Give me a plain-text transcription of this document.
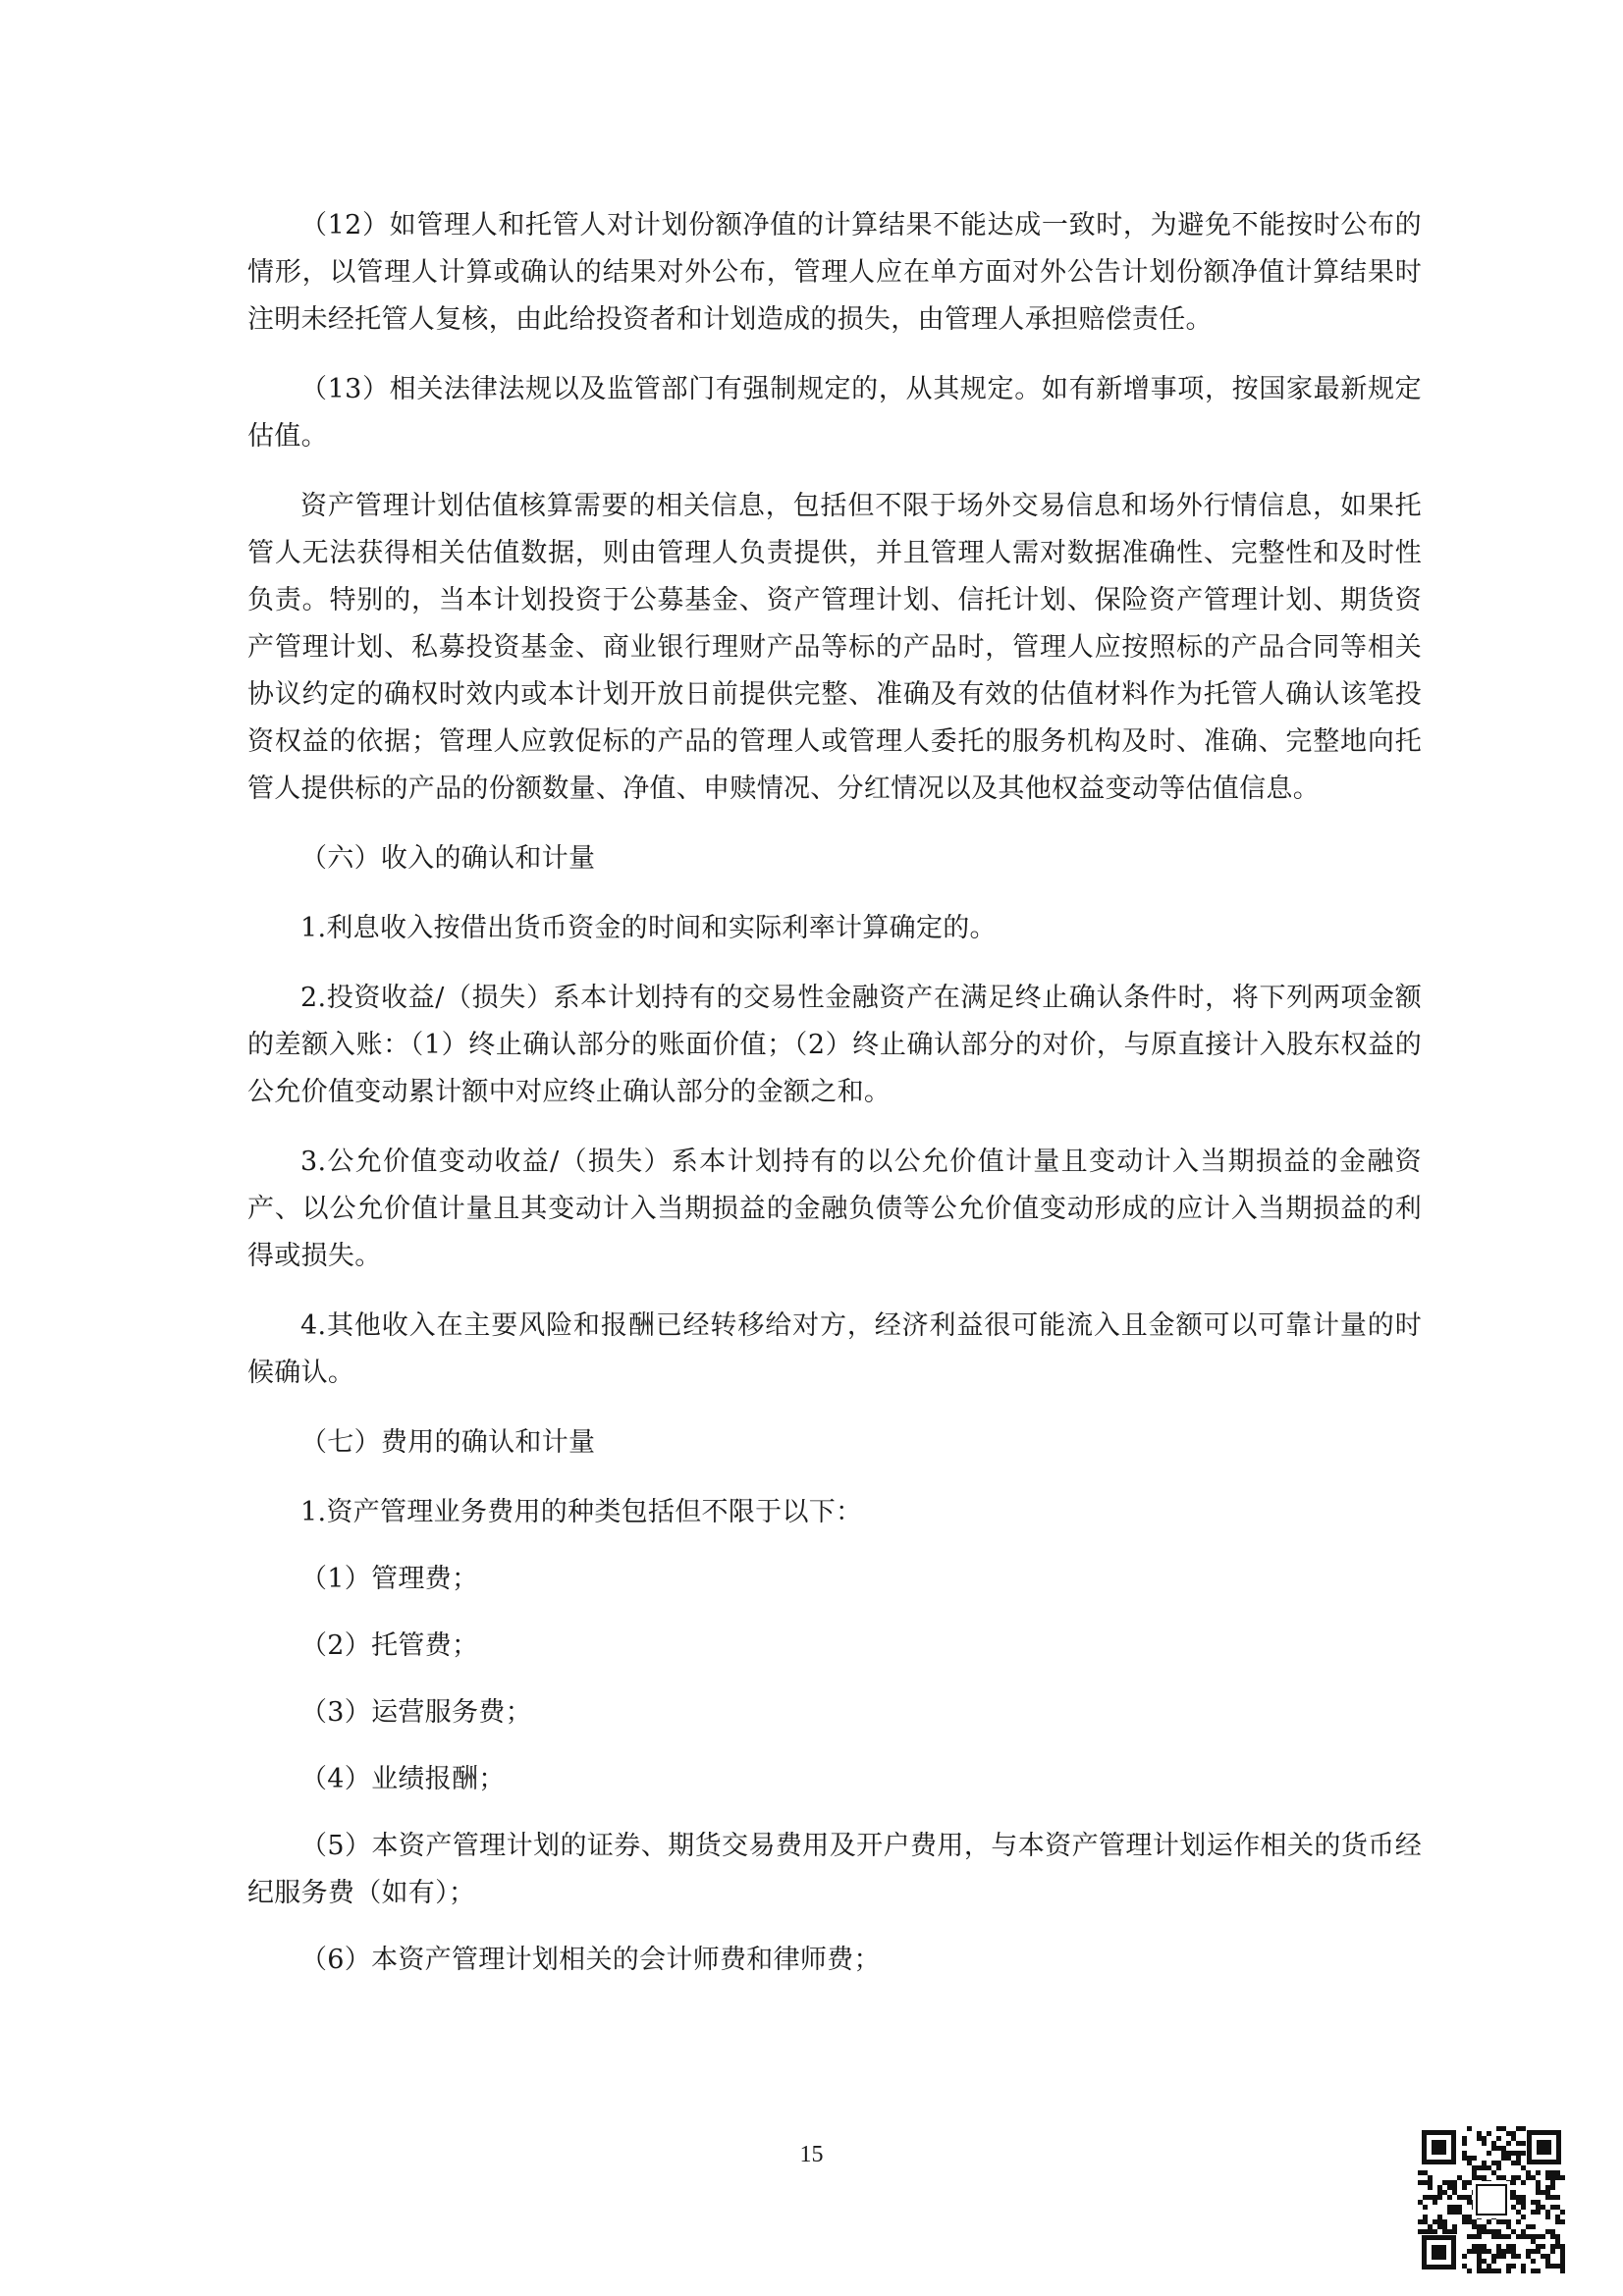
（12）如管理人和托管人对计划份额净值的计算结果不能达成一致时，为避免不能按时公布的情形，以管理人计算或确认的结果对外公布，管理人应在单方面对外公告计划份额净值计算结果时注明未经托管人复核，由此给投资者和计划造成的损失，由管理人承担赔偿责任。

（13）相关法律法规以及监管部门有强制规定的，从其规定。如有新增事项，按国家最新规定估值。

资产管理计划估值核算需要的相关信息，包括但不限于场外交易信息和场外行情信息，如果托管人无法获得相关估值数据，则由管理人负责提供，并且管理人需对数据准确性、完整性和及时性负责。特别的，当本计划投资于公募基金、资产管理计划、信托计划、保险资产管理计划、期货资产管理计划、私募投资基金、商业银行理财产品等标的产品时，管理人应按照标的产品合同等相关协议约定的确权时效内或本计划开放日前提供完整、准确及有效的估值材料作为托管人确认该笔投资权益的依据；管理人应敦促标的产品的管理人或管理人委托的服务机构及时、准确、完整地向托管人提供标的产品的份额数量、净值、申赎情况、分红情况以及其他权益变动等估值信息。

（六）收入的确认和计量

1.利息收入按借出货币资金的时间和实际利率计算确定的。

2.投资收益/（损失）系本计划持有的交易性金融资产在满足终止确认条件时，将下列两项金额的差额入账：（1）终止确认部分的账面价值；（2）终止确认部分的对价，与原直接计入股东权益的公允价值变动累计额中对应终止确认部分的金额之和。

3.公允价值变动收益/（损失）系本计划持有的以公允价值计量且变动计入当期损益的金融资产、以公允价值计量且其变动计入当期损益的金融负债等公允价值变动形成的应计入当期损益的利得或损失。

4.其他收入在主要风险和报酬已经转移给对方，经济利益很可能流入且金额可以可靠计量的时候确认。

（七）费用的确认和计量

1.资产管理业务费用的种类包括但不限于以下：

（1）管理费；

（2）托管费；

（3）运营服务费；

（4）业绩报酬；

（5）本资产管理计划的证券、期货交易费用及开户费用，与本资产管理计划运作相关的货币经纪服务费（如有）；

（6）本资产管理计划相关的会计师费和律师费；

15
